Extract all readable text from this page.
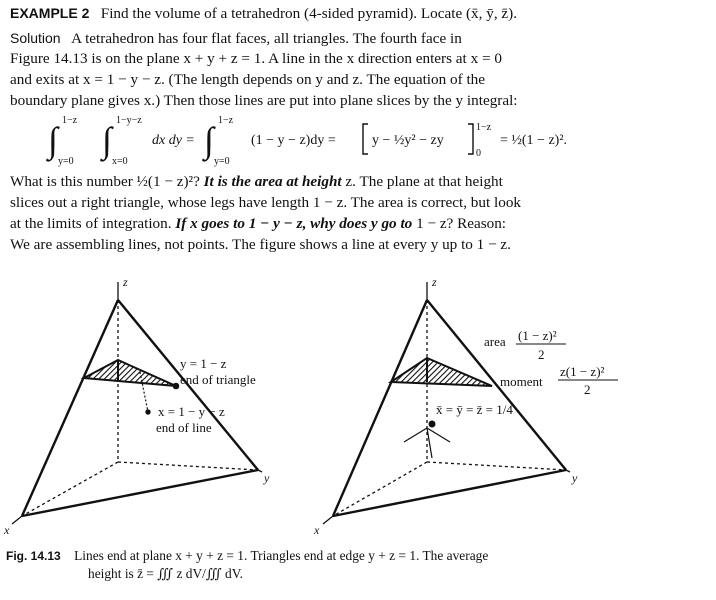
EXAMPLE 2 Find the volume of a tetrahedron (4-sided pyramid). Locate (x̄, ȳ, z̄).
Solution A tetrahedron has four flat faces, all triangles. The fourth face in
Figure 14.13 is on the plane x + y + z = 1. A line in the x direction enters at x = 0
and exits at x = 1 − y − z. (The length depends on y and z. The equation of the
boundary plane gives x.) Then those lines are put into plane slices by the y integral:
∫ 1−z
y=0
∫ 1−y−z
x=0
dx dy = ∫ 1−z
y=0
(1 − y − z)dy =	y − ½y² − zy
1−z
0
= ½(1 − z)².
What is this number ½(1 − z)²? It is the area at height z. The plane at that height
slices out a right triangle, whose legs have length 1 − z. The area is correct, but look
at the limits of integration. If x goes to 1 − y − z, why does y go to 1 − z? Reason:
We are assembling lines, not points. The figure shows a line at every y up to 1 − z.
z
y
x
y = 1 − z
end of triangle
x = 1 − y − z
end of line
z
y
x
area (1 − z)²
2
moment
z(1 − z)²
2
x̄ = ȳ = z̄ = 1/4
Fig. 14.13 Lines end at plane x + y + z = 1. Triangles end at edge y + z = 1. The average
height is z̄ = ∭ z dV/∭ dV.
